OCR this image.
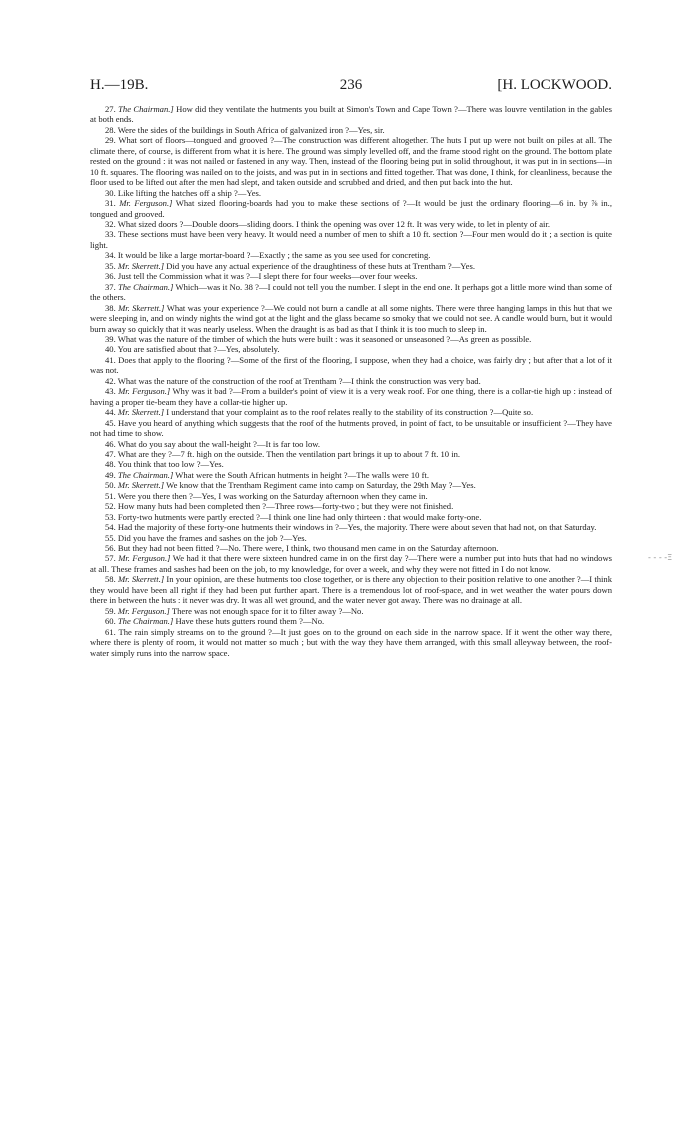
H.—19B.	236	[H. LOCKWOOD.
- - - -Ξ

27. The Chairman.] How did they ventilate the hutments you built at Simon's Town and Cape Town ?—There was louvre ventilation in the gables at both ends.

28. Were the sides of the buildings in South Africa of galvanized iron ?—Yes, sir.

29. What sort of floors—tongued and grooved ?—The construction was different altogether. The huts I put up were not built on piles at all. The climate there, of course, is different from what it is here. The ground was simply levelled off, and the frame stood right on the ground. The bottom plate rested on the ground : it was not nailed or fastened in any way. Then, instead of the flooring being put in solid throughout, it was put in in sections—in 10 ft. squares. The flooring was nailed on to the joists, and was put in in sections and fitted together. That was done, I think, for cleanliness, because the floor used to be lifted out after the men had slept, and taken outside and scrubbed and dried, and then put back into the hut.

30. Like lifting the hatches off a ship ?—Yes.

31. Mr. Ferguson.] What sized flooring-boards had you to make these sections of ?—It would be just the ordinary flooring—6 in. by ⅞ in., tongued and grooved.

32. What sized doors ?—Double doors—sliding doors. I think the opening was over 12 ft. It was very wide, to let in plenty of air.

33. These sections must have been very heavy. It would need a number of men to shift a 10 ft. section ?—Four men would do it ; a section is quite light.

34. It would be like a large mortar-board ?—Exactly ; the same as you see used for concreting.

35. Mr. Skerrett.] Did you have any actual experience of the draughtiness of these huts at Trentham ?—Yes.

36. Just tell the Commission what it was ?—I slept there for four weeks—over four weeks.

37. The Chairman.] Which—was it No. 38 ?—I could not tell you the number. I slept in the end one. It perhaps got a little more wind than some of the others.

38. Mr. Skerrett.] What was your experience ?—We could not burn a candle at all some nights. There were three hanging lamps in this hut that we were sleeping in, and on windy nights the wind got at the light and the glass became so smoky that we could not see. A candle would burn, but it would burn away so quickly that it was nearly useless. When the draught is as bad as that I think it is too much to sleep in.

39. What was the nature of the timber of which the huts were built : was it seasoned or unseasoned ?—As green as possible.

40. You are satisfied about that ?—Yes, absolutely.

41. Does that apply to the flooring ?—Some of the first of the flooring, I suppose, when they had a choice, was fairly dry ; but after that a lot of it was not.

42. What was the nature of the construction of the roof at Trentham ?—I think the construction was very bad.

43. Mr. Ferguson.] Why was it bad ?—From a builder's point of view it is a very weak roof. For one thing, there is a collar-tie high up : instead of having a proper tie-beam they have a collar-tie higher up.

44. Mr. Skerrett.] I understand that your complaint as to the roof relates really to the stability of its construction ?—Quite so.

45. Have you heard of anything which suggests that the roof of the hutments proved, in point of fact, to be unsuitable or insufficient ?—They have not had time to show.

46. What do you say about the wall-height ?—It is far too low.

47. What are they ?—7 ft. high on the outside. Then the ventilation part brings it up to about 7 ft. 10 in.

48. You think that too low ?—Yes.

49. The Chairman.] What were the South African hutments in height ?—The walls were 10 ft.

50. Mr. Skerrett.] We know that the Trentham Regiment came into camp on Saturday, the 29th May ?—Yes.

51. Were you there then ?—Yes, I was working on the Saturday afternoon when they came in.

52. How many huts had been completed then ?—Three rows—forty-two ; but they were not finished.

53. Forty-two hutments were partly erected ?—I think one line had only thirteen : that would make forty-one.

54. Had the majority of these forty-one hutments their windows in ?—Yes, the majority. There were about seven that had not, on that Saturday.

55. Did you have the frames and sashes on the job ?—Yes.

56. But they had not been fitted ?—No. There were, I think, two thousand men came in on the Saturday afternoon.

57. Mr. Ferguson.] We had it that there were sixteen hundred came in on the first day ?—There were a number put into huts that had no windows at all. These frames and sashes had been on the job, to my knowledge, for over a week, and why they were not fitted in I do not know.

58. Mr. Skerrett.] In your opinion, are these hutments too close together, or is there any objection to their position relative to one another ?—I think they would have been all right if they had been put further apart. There is a tremendous lot of roof-space, and in wet weather the water pours down there in between the huts : it never was dry. It was all wet ground, and the water never got away. There was no drainage at all.

59. Mr. Ferguson.] There was not enough space for it to filter away ?—No.

60. The Chairman.] Have these huts gutters round them ?—No.

61. The rain simply streams on to the ground ?—It just goes on to the ground on each side in the narrow space. If it went the other way there, where there is plenty of room, it would not matter so much ; but with the way they have them arranged, with this small alleyway between, the roof-water simply runs into the narrow space.
